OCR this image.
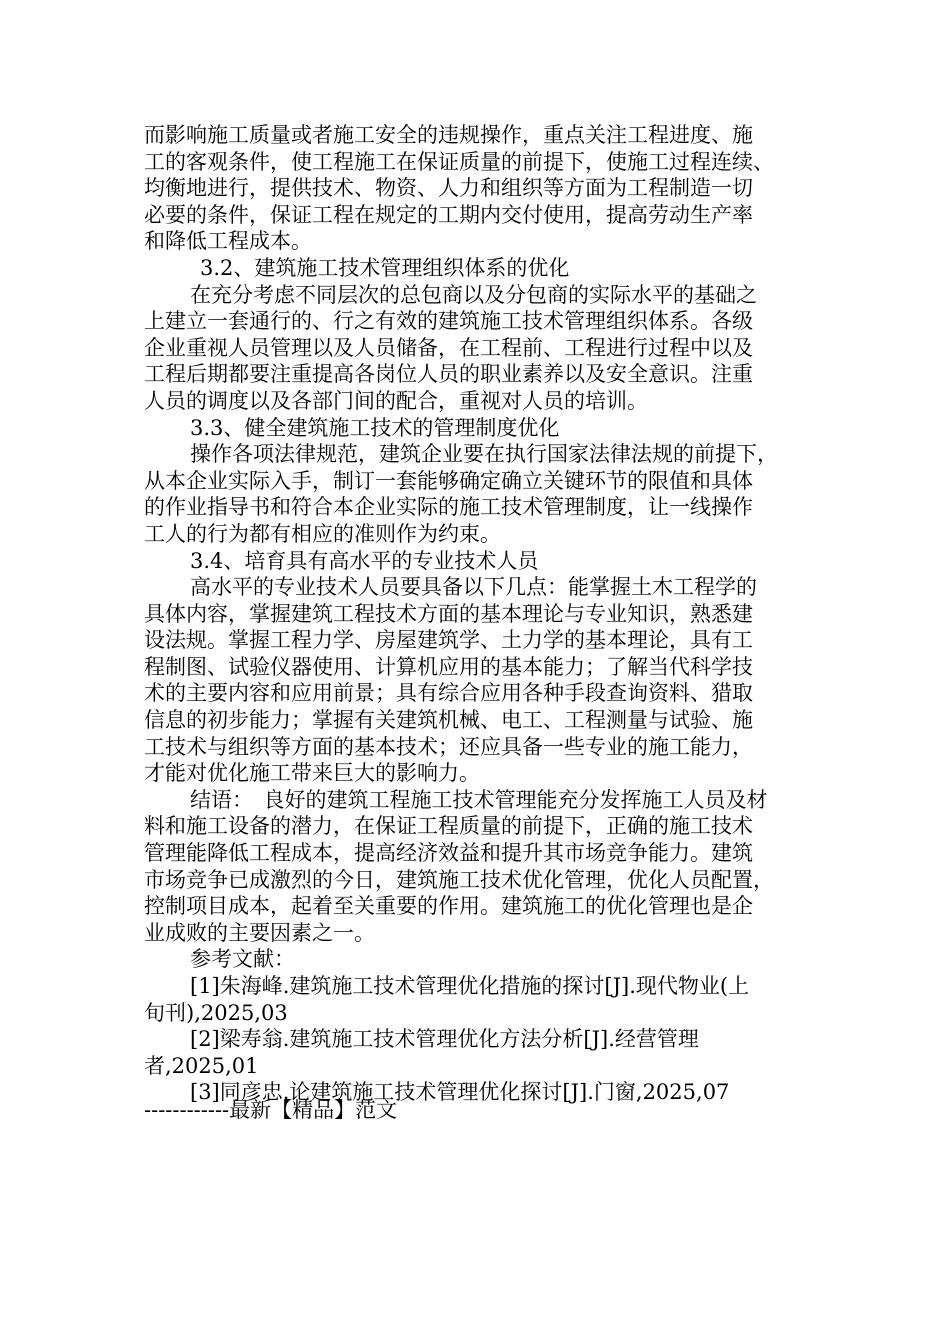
而影响施工质量或者施工安全的违规操作，重点关注工程进度、施
工的客观条件，使工程施工在保证质量的前提下，使施工过程连续、
均衡地进行，提供技术、物资、人力和组织等方面为工程制造一切
必要的条件，保证工程在规定的工期内交付使用，提高劳动生产率
和降低工程成本。
3.2、建筑施工技术管理组织体系的优化
在充分考虑不同层次的总包商以及分包商的实际水平的基础之
上建立一套通行的、行之有效的建筑施工技术管理组织体系。各级
企业重视人员管理以及人员储备，在工程前、工程进行过程中以及
工程后期都要注重提高各岗位人员的职业素养以及安全意识。注重
人员的调度以及各部门间的配合，重视对人员的培训。
3.3、健全建筑施工技术的管理制度优化
操作各项法律规范，建筑企业要在执行国家法律法规的前提下，
从本企业实际入手，制订一套能够确定确立关键环节的限值和具体
的作业指导书和符合本企业实际的施工技术管理制度，让一线操作
工人的行为都有相应的准则作为约束。
3.4、培育具有高水平的专业技术人员
高水平的专业技术人员要具备以下几点：能掌握土木工程学的
具体内容，掌握建筑工程技术方面的基本理论与专业知识，熟悉建
设法规。掌握工程力学、房屋建筑学、土力学的基本理论，具有工
程制图、试验仪器使用、计算机应用的基本能力；了解当代科学技
术的主要内容和应用前景；具有综合应用各种手段查询资料、猎取
信息的初步能力；掌握有关建筑机械、电工、工程测量与试验、施
工技术与组织等方面的基本技术；还应具备一些专业的施工能力，
才能对优化施工带来巨大的影响力。
结语：　良好的建筑工程施工技术管理能充分发挥施工人员及材
料和施工设备的潜力，在保证工程质量的前提下，正确的施工技术
管理能降低工程成本，提高经济效益和提升其市场竞争能力。建筑
市场竞争已成激烈的今日，建筑施工技术优化管理，优化人员配置，
控制项目成本，起着至关重要的作用。建筑施工的优化管理也是企
业成败的主要因素之一。
参考文献：
[1]朱海峰.建筑施工技术管理优化措施的探讨[J].现代物业(上
旬刊),2025,03
[2]梁寿翁.建筑施工技术管理优化方法分析[J].经营管理
者,2025,01
[3]同彦忠.论建筑施工技术管理优化探讨[J].门窗,2025,07
------------最新【精品】范文
